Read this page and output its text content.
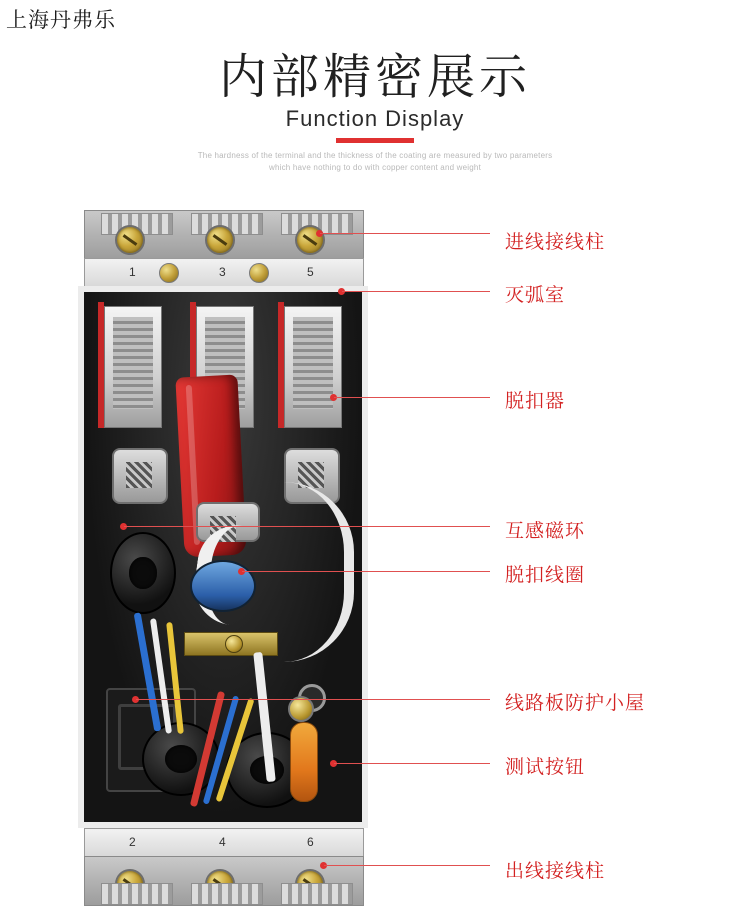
上海丹弗乐
内部精密展示
Function Display
The hardness of the terminal and the thickness of the coating are measured by two parameters
which have nothing to do with copper content and weight
1	3	5
2	4	6
进线接线柱
灭弧室
脱扣器
互感磁环
脱扣线圈
线路板防护小屋
测试按钮
出线接线柱
